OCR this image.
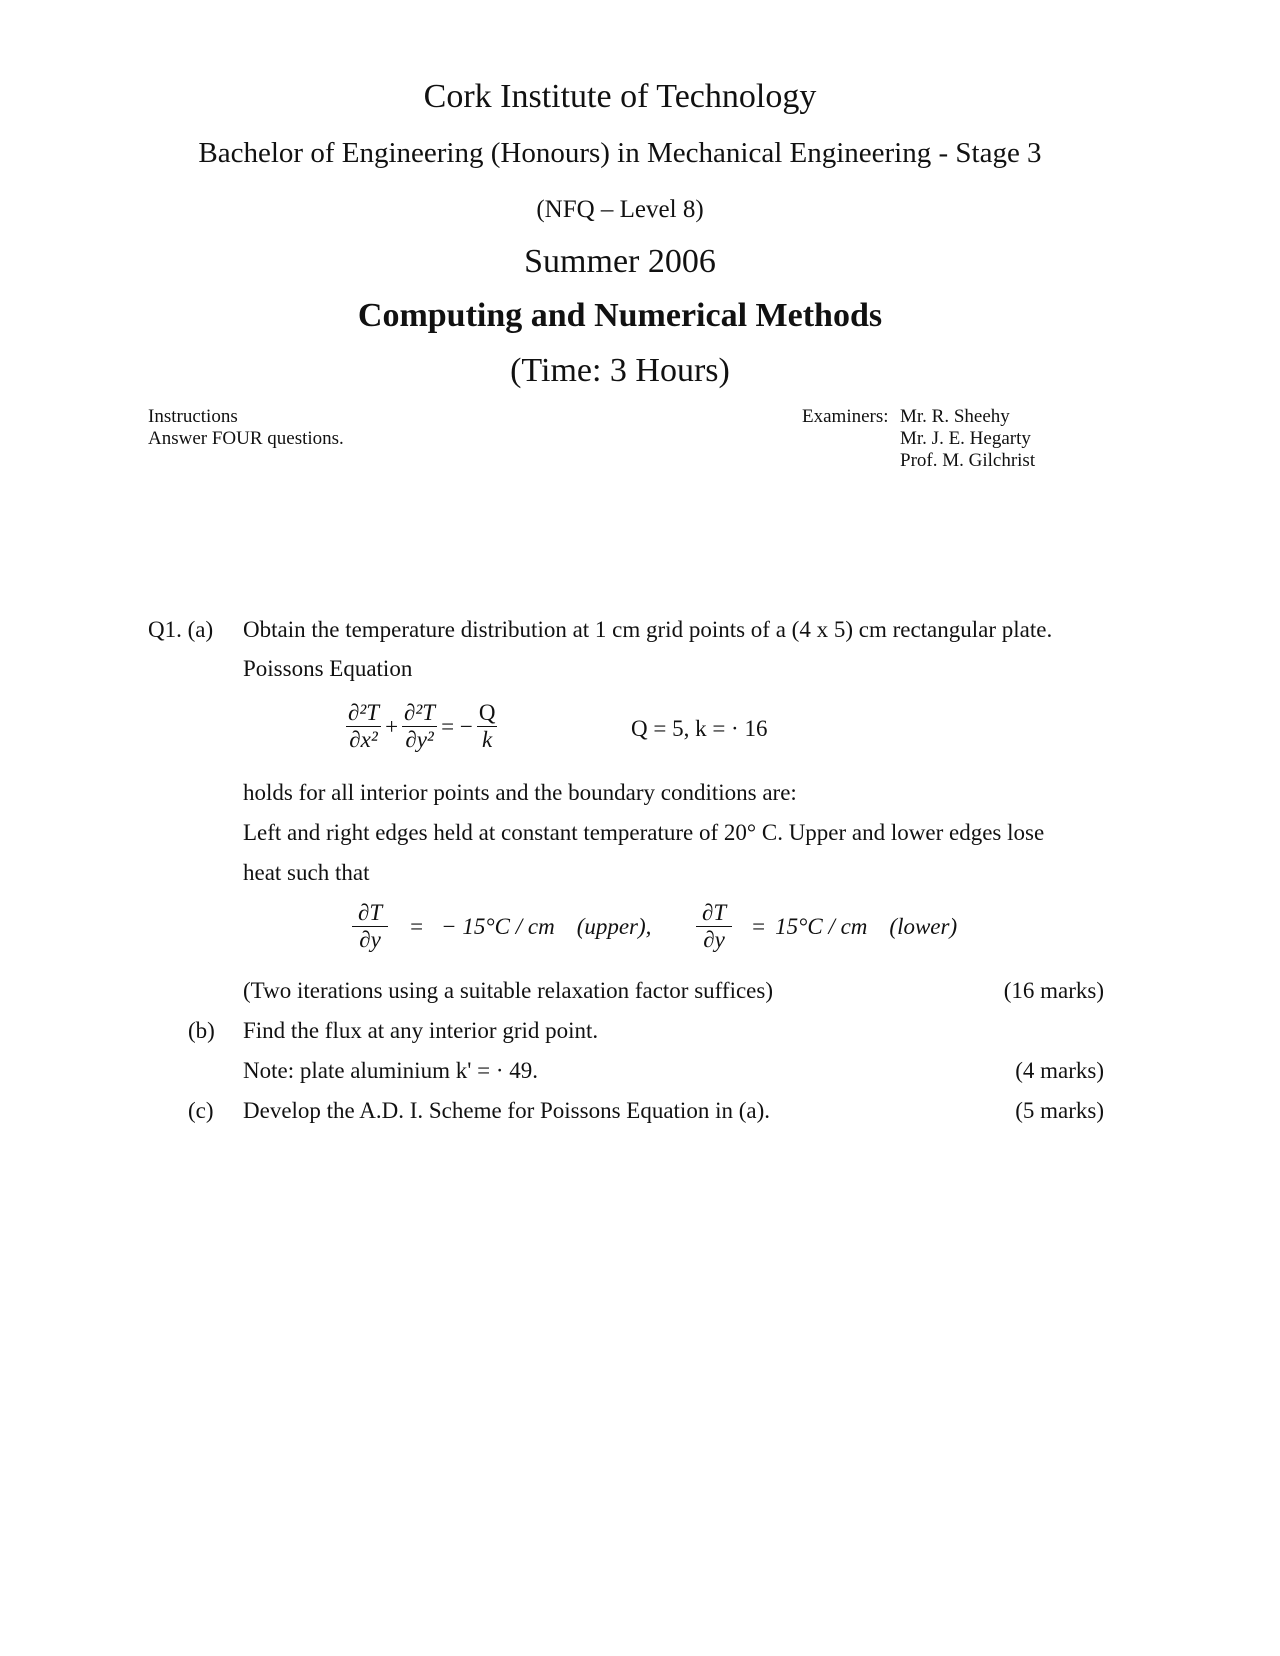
Cork Institute of Technology
Bachelor of Engineering (Honours) in Mechanical Engineering - Stage 3
(NFQ – Level 8)
Summer 2006
Computing and Numerical Methods
(Time: 3 Hours)
Instructions
Answer FOUR questions.
Examiners: Mr. R. Sheehy
Mr. J. E. Hegarty
Prof. M. Gilchrist
Q1. (a) Obtain the temperature distribution at 1 cm grid points of a (4 x 5) cm rectangular plate.
Poissons Equation
$\frac{\text{∂²T}}{\text{∂x²}} + \frac{\text{∂²T}}{\text{∂y²}}$ = − $\frac{Q}{k}$	Q = 5, k = · 16
holds for all interior points and the boundary conditions are:
Left and right edges held at constant temperature of 20° C. Upper and lower edges lose
heat such that
$\frac{\partial T}{\partial y}$ = − 15°C / cm (upper), $\frac{\partial T}{\partial y} = 15^\circ C$ / cm (lower)
(Two iterations using a suitable relaxation factor suffices)	(16 marks)
(b) Find the flux at any interior grid point.
Note: plate aluminium k' = · 49.	(4 marks)
(c) Develop the A.D. I. Scheme for Poissons Equation in (a).	(5 marks)
